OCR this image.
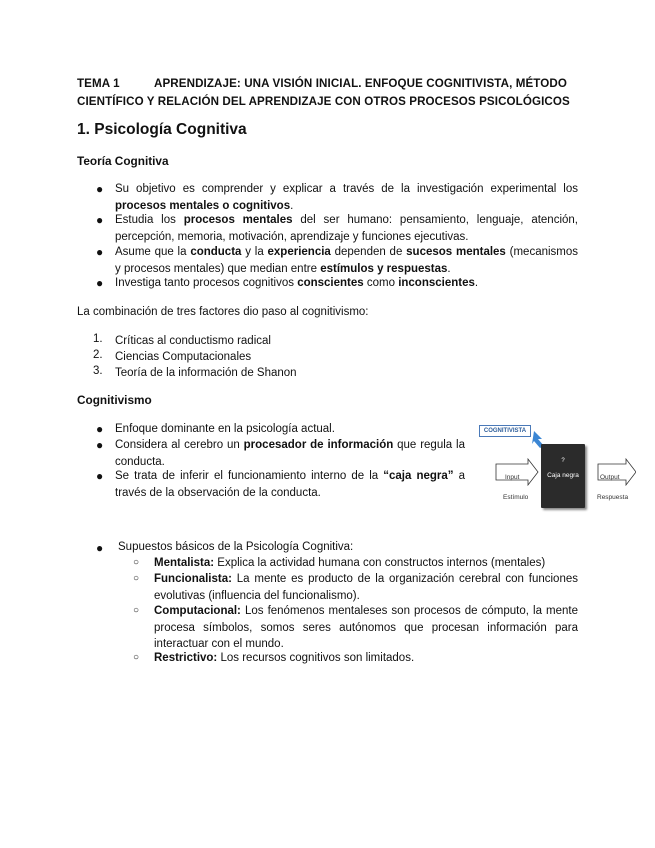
TEMA 1	APRENDIZAJE: UNA VISIÓN INICIAL. ENFOQUE COGNITIVISTA, MÉTODO
CIENTÍFICO Y RELACIÓN DEL APRENDIZAJE CON OTROS PROCESOS PSICOLÓGICOS
1. Psicología Cognitiva
Teoría Cognitiva
● Su objetivo es comprender y explicar a través de la investigación experimental los procesos mentales o cognitivos.
● Estudia los procesos mentales del ser humano: pensamiento, lenguaje, atención, percepción, memoria, motivación, aprendizaje y funciones ejecutivas.
● Asume que la conducta y la experiencia dependen de sucesos mentales (mecanismos y procesos mentales) que median entre estímulos y respuestas.
● Investiga tanto procesos cognitivos conscientes como inconscientes.
La combinación de tres factores dio paso al cognitivismo:
1. Críticas al conductismo radical
2. Ciencias Computacionales
3. Teoría de la información de Shanon
Cognitivismo
● Enfoque dominante en la psicología actual.
● Considera al cerebro un procesador de información que regula la conducta.
● Se trata de inferir el funcionamiento interno de la “caja negra” a través de la observación de la conducta.
COGNITIVISTA
?
Caja negra
Input	Output
Estímulo	Respuesta
● Supuestos básicos de la Psicología Cognitiva:
○ Mentalista: Explica la actividad humana con constructos internos (mentales)
○ Funcionalista: La mente es producto de la organización cerebral con funciones evolutivas (influencia del funcionalismo).
○ Computacional: Los fenómenos mentaleses son procesos de cómputo, la mente procesa símbolos, somos seres autónomos que procesan información para interactuar con el mundo.
○ Restrictivo: Los recursos cognitivos son limitados.
